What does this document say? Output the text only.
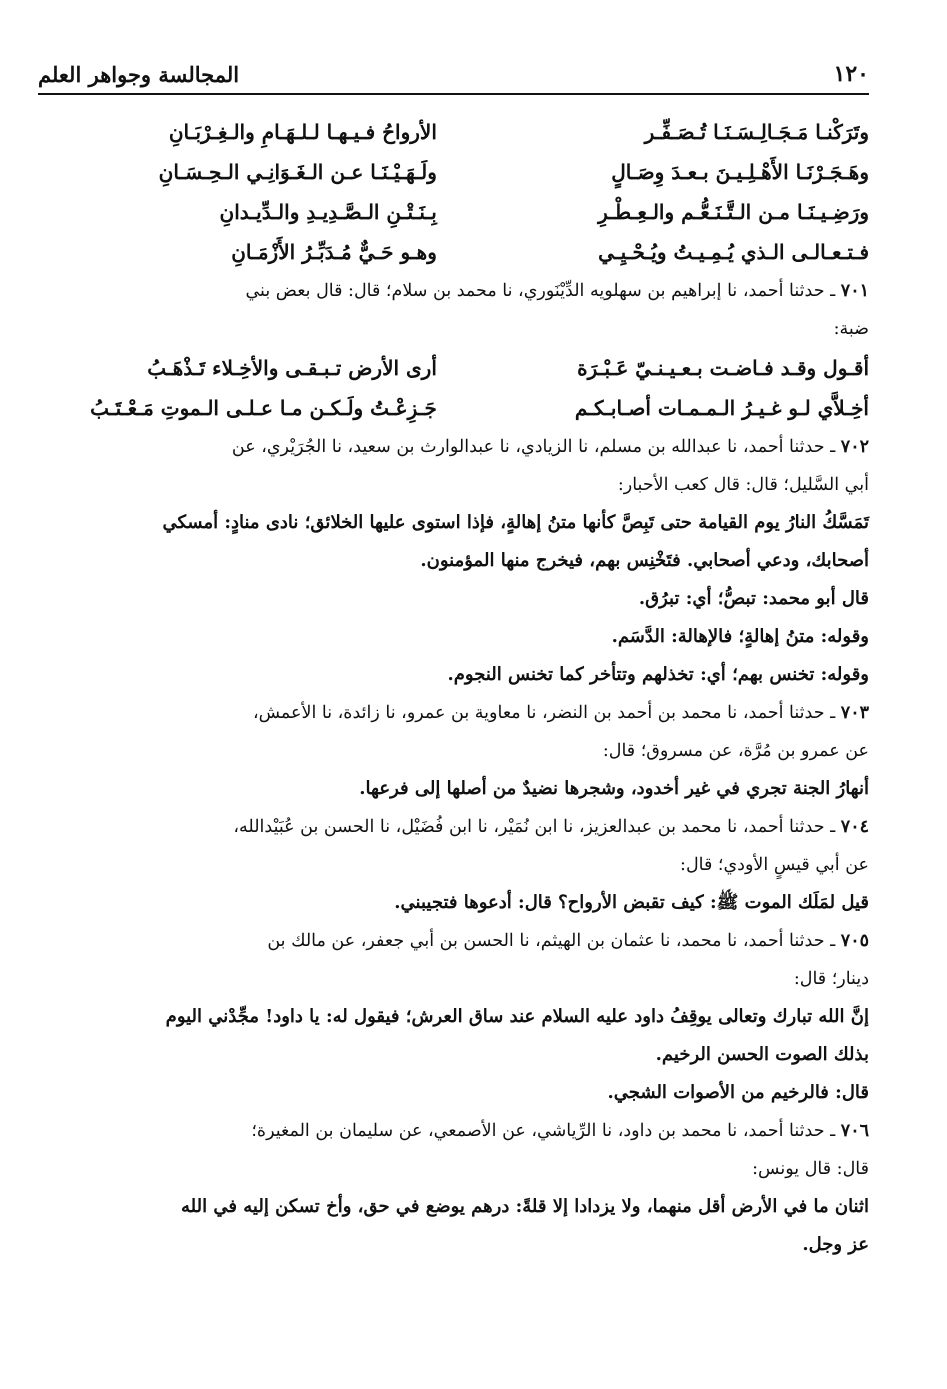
المجالسة وجواهر العلم	١٢٠
وتَرَكْنـا مَـجَـالِـسَـنَـا تُـصَـفِّـر
الأرواحُ فـيـهـا لـلـهَـامِ والـغِـرْبَـانِ
وهَـجَـرْنَـا الأَهْـلِـيـنَ بـعـدَ وِصَـالٍ
ولَـهَـيْـنَـا عـن الـغَـوَانِـي الـحِـسَـانِ
ورَضِـيـنَـا مـن الـتَّـنَـعُّـم والـعِـطْـرِ
بِـنَـتْـنِ الـصَّـدِيـدِ والـدِّيـدانِ
فـتـعـالـى الـذي يُـمِـيـتُ ويُـحْـيِـي
وهـو حَـيٌّ مُـدَبِّـرُ الأَزْمَـانِ

٧٠١ ـ حدثنا أحمد، نا إبراهيم بن سهلويه الدِّيْنَوري، نا محمد بن سلام؛ قال: قال بعض بني

ضبة:

أقـول وقـد فـاضـت بـعـيـنـيّ عَـبْـرَة
أرى الأرض تـبـقـى والأخِـلاء تَـذْهَـبُ
أخِـلاَّي لـو غـيـرُ الـمـمـات أصـابـكـم
جَـزِعْـتُ ولَـكـن مـا عـلـى الـموتِ مَـعْـتَـبُ

٧٠٢ ـ حدثنا أحمد، نا عبدالله بن مسلم، نا الزيادي، نا عبدالوارث بن سعيد، نا الجُرَيْري، عن

أبي السَّليل؛ قال: قال كعب الأحبار:

تَمَسَّكُ النارُ يوم القيامة حتى تَبِصَّ كأنها متنُ إهالةٍ، فإذا استوى عليها الخلائق؛ نادى منادٍ: أمسكي

أصحابك، ودعي أصحابي. فتَخْنِس بهم، فيخرج منها المؤمنون.

قال أبو محمد: تبصُّ؛ أي: تبرُق.

وقوله: متنُ إهالةٍ؛ فالإهالة: الدَّسَم.

وقوله: تخنس بهم؛ أي: تخذلهم وتتأخر كما تخنس النجوم.

٧٠٣ ـ حدثنا أحمد، نا محمد بن أحمد بن النضر، نا معاوية بن عمرو، نا زائدة، نا الأعمش،

عن عمرو بن مُرَّة، عن مسروق؛ قال:

أنهارُ الجنة تجري في غير أخدود، وشجرها نضيدٌ من أصلها إلى فرعها.

٧٠٤ ـ حدثنا أحمد، نا محمد بن عبدالعزيز، نا ابن نُمَيْر، نا ابن فُضَيْل، نا الحسن بن عُبَيْدالله،

عن أبي قيسٍ الأودي؛ قال:

قيل لمَلَك الموت ﷺ: كيف تقبض الأرواح؟ قال: أدعوها فتجيبني.

٧٠٥ ـ حدثنا أحمد، نا محمد، نا عثمان بن الهيثم، نا الحسن بن أبي جعفر، عن مالك بن

دينار؛ قال:

إنَّ الله تبارك وتعالى يوقِفُ داود عليه السلام عند ساق العرش؛ فيقول له: يا داود! مجِّدْني اليوم

بذلك الصوت الحسن الرخيم.

قال: فالرخيم من الأصوات الشجي.

٧٠٦ ـ حدثنا أحمد، نا محمد بن داود، نا الرِّياشي، عن الأصمعي، عن سليمان بن المغيرة؛

قال: قال يونس:

اثنان ما في الأرض أقل منهما، ولا يزدادا إلا قلةً: درهم يوضع في حق، وأخ تسكن إليه في الله

عز وجل.
